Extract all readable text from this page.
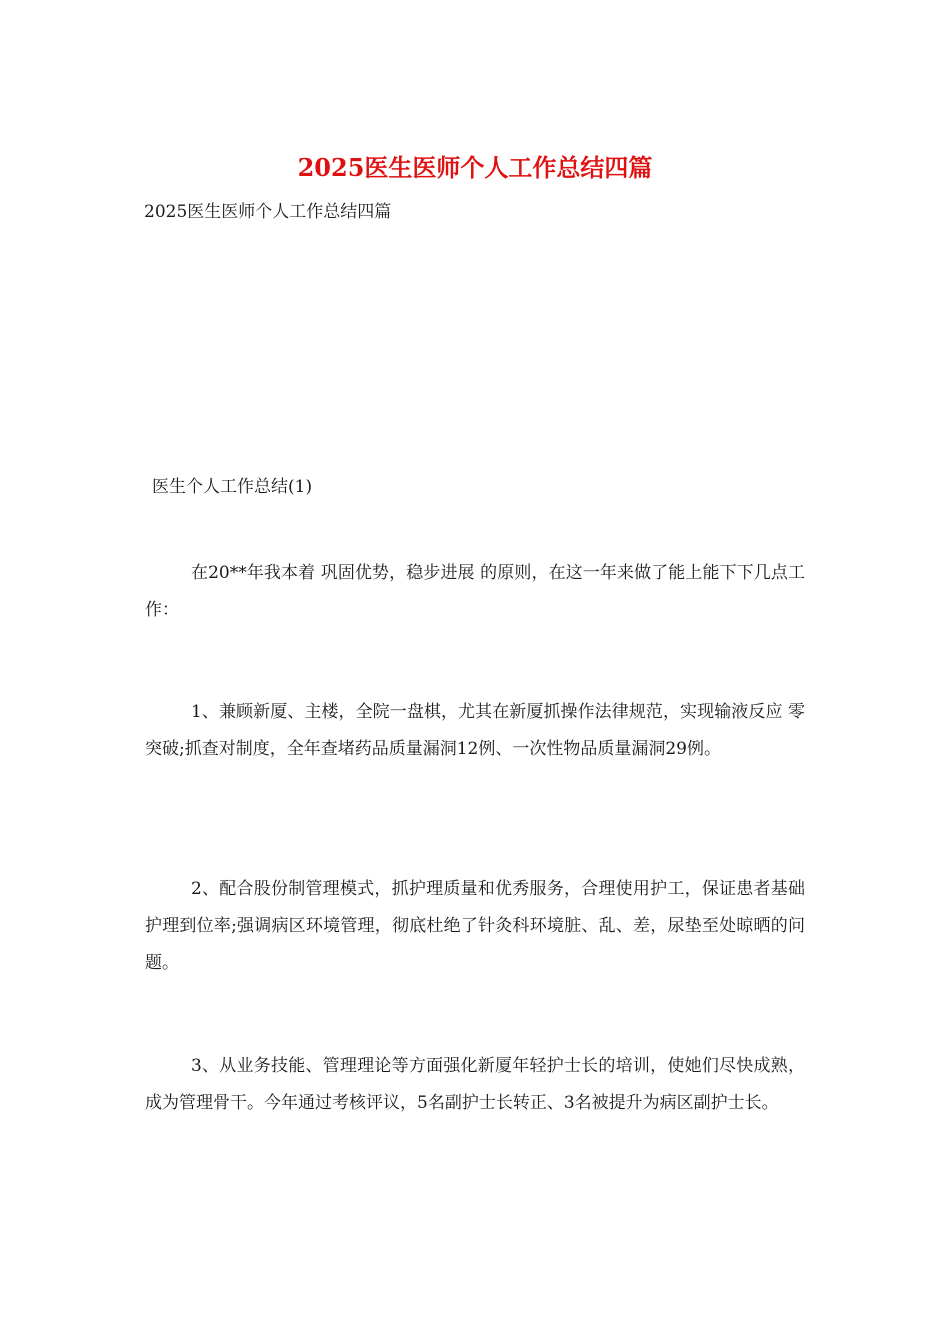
2025医生医师个人工作总结四篇
2025医生医师个人工作总结四篇
医生个人工作总结(1)

在20**年我本着 巩固优势，稳步进展 的原则，在这一年来做了能上能下下几点工作：

1、兼顾新厦、主楼，全院一盘棋，尤其在新厦抓操作法律规范，实现输液反应 零 突破;抓查对制度，全年查堵药品质量漏洞12例、一次性物品质量漏洞29例。

2、配合股份制管理模式，抓护理质量和优秀服务，合理使用护工，保证患者基础护理到位率;强调病区环境管理，彻底杜绝了针灸科环境脏、乱、差，尿垫至处晾晒的问题。

3、从业务技能、管理理论等方面强化新厦年轻护士长的培训，使她们尽快成熟，成为管理骨干。今年通过考核评议，5名副护士长转正、3名被提升为病区副护士长。
